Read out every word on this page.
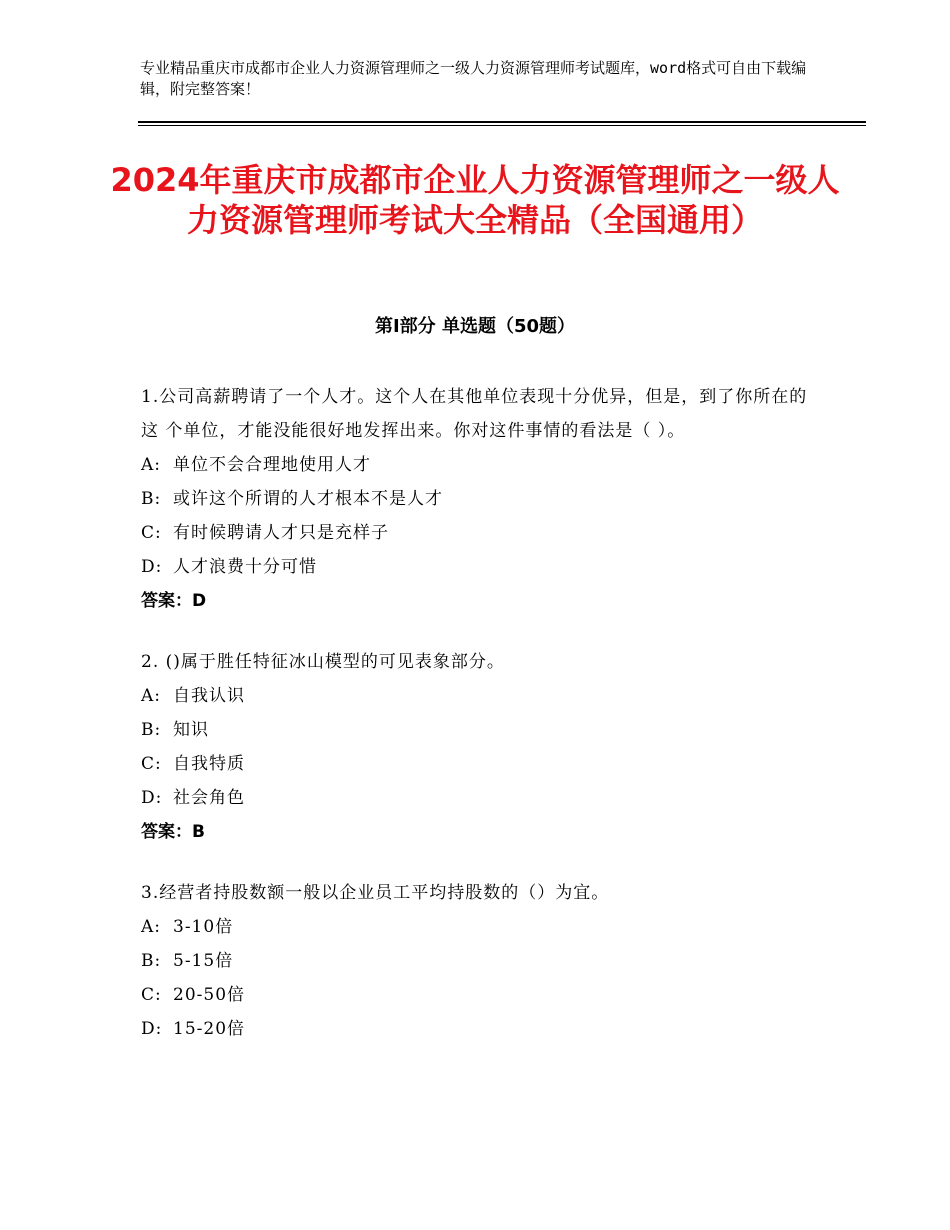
专业精品重庆市成都市企业人力资源管理师之一级人力资源管理师考试题库，word格式可自由下载编辑，附完整答案！
2024年重庆市成都市企业人力资源管理师之一级人力资源管理师考试大全精品（全国通用）
第Ⅰ部分 单选题（50题）

1.公司高薪聘请了一个人才。这个人在其他单位表现十分优异，但是，到了你所在的这 个单位，才能没能很好地发挥出来。你对这件事情的看法是（ ）。

A: 单位不会合理地使用人才

B: 或许这个所谓的人才根本不是人才

C: 有时候聘请人才只是充样子

D: 人才浪费十分可惜

答案：D

2. ()属于胜任特征冰山模型的可见表象部分。

A: 自我认识

B: 知识

C: 自我特质

D: 社会角色

答案：B

3.经营者持股数额一般以企业员工平均持股数的（）为宜。

A: 3-10倍

B: 5-15倍

C: 20-50倍

D: 15-20倍
